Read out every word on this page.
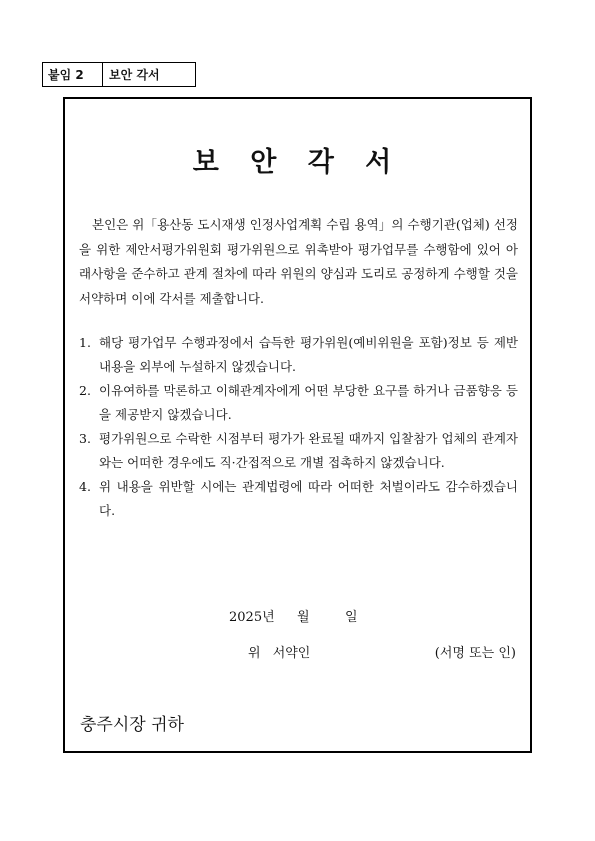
붙임 2	보안 각서
보 안 각 서

본인은 위「용산동 도시재생 인정사업계획 수립 용역」의 수행기관(업체) 선정을 위한 제안서평가위원회 평가위원으로 위촉받아 평가업무를 수행함에 있어 아래사항을 준수하고 관계 절차에 따라 위원의 양심과 도리로 공정하게 수행할 것을 서약하며 이에 각서를 제출합니다.

1. 해당 평가업무 수행과정에서 습득한 평가위원(예비위원을 포함)정보 등 제반내용을 외부에 누설하지 않겠습니다.
2. 이유여하를 막론하고 이해관계자에게 어떤 부당한 요구를 하거나 금품향응 등을 제공받지 않겠습니다.
3. 평가위원으로 수락한 시점부터 평가가 완료될 때까지 입찰참가 업체의 관계자와는 어떠한 경우에도 직·간접적으로 개별 접촉하지 않겠습니다.
4. 위 내용을 위반할 시에는 관계법령에 따라 어떠한 처벌이라도 감수하겠습니다.
2025년 월	일
위 서약인	(서명 또는 인)
충주시장 귀하
